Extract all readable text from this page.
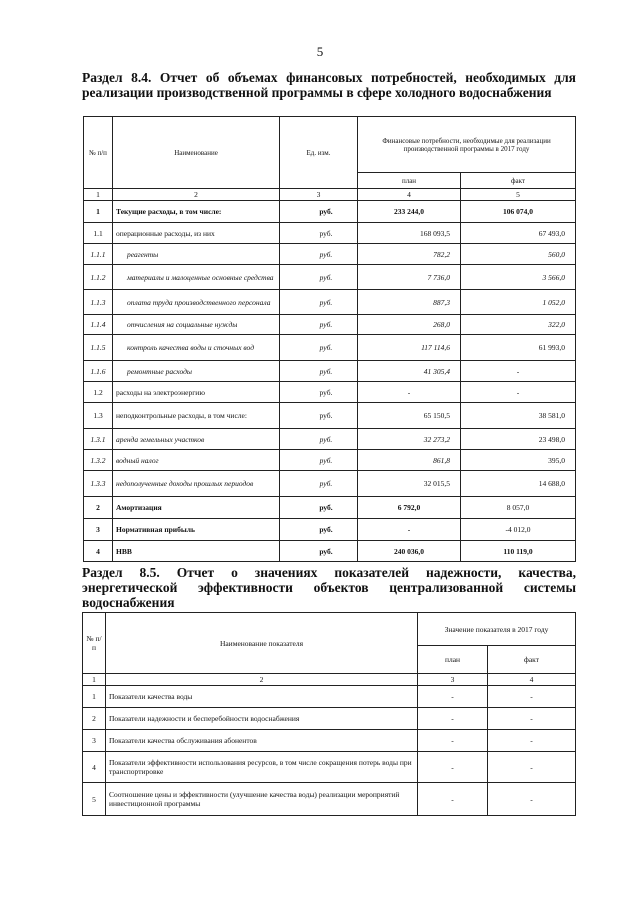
5
Раздел 8.4. Отчет об объемах финансовых потребностей, необходимых для реализации производственной программы в сфере холодного водоснабжения
№ п/п	Наименование	Ед. изм.	Финансовые потребности, необходимые для реализации производственной программы в 2017 году	
			план	факт
1	2	3	4	5
1	Текущие расходы, в том числе:	руб.	233 244,0	106 074,0
1.1	операционные расходы, из них	руб.	168 093,5	67 493,0
1.1.1	реагенты	руб.	782,2	560,0
1.1.2	материалы и малоценные основные средства	руб.	7 736,0	3 566,0
1.1.3	оплата труда производственного персонала	руб.	887,3	1 052,0
1.1.4	отчисления на социальные нужды	руб.	268,0	322,0
1.1.5	контроль качества воды и сточных вод	руб.	117 114,6	61 993,0
1.1.6	ремонтные расходы	руб.	41 305,4	-
1.2	расходы на электроэнергию	руб.	-	-
1.3	неподконтрольные расходы, в том числе:	руб.	65 150,5	38 581,0
1.3.1	аренда земельных участков	руб.	32 273,2	23 498,0
1.3.2	водный налог	руб.	861,8	395,0
1.3.3	недополученные доходы прошлых периодов	руб.	32 015,5	14 688,0
2	Амортизация	руб.	6 792,0	8 057,0
3	Нормативная прибыль	руб.	-	-4 012,0
4	НВВ	руб.	240 036,0	110 119,0
Раздел 8.5. Отчет о значениях показателей надежности, качества, энергетической эффективности объектов централизованной системы водоснабжения
№ п/п	Наименование показателя	Значение показателя в 2017 году	
		план	факт
1	2	3	4
1	Показатели качества воды	-	-
2	Показатели надежности и бесперебойности водоснабжения	-	-
3	Показатели качества обслуживания абонентов	-	-
4	Показатели эффективности использования ресурсов, в том числе сокращения потерь воды при транспортировке	-	-
5	Соотношение цены и эффективности (улучшение качества воды) реализации мероприятий инвестиционной программы	-	-
